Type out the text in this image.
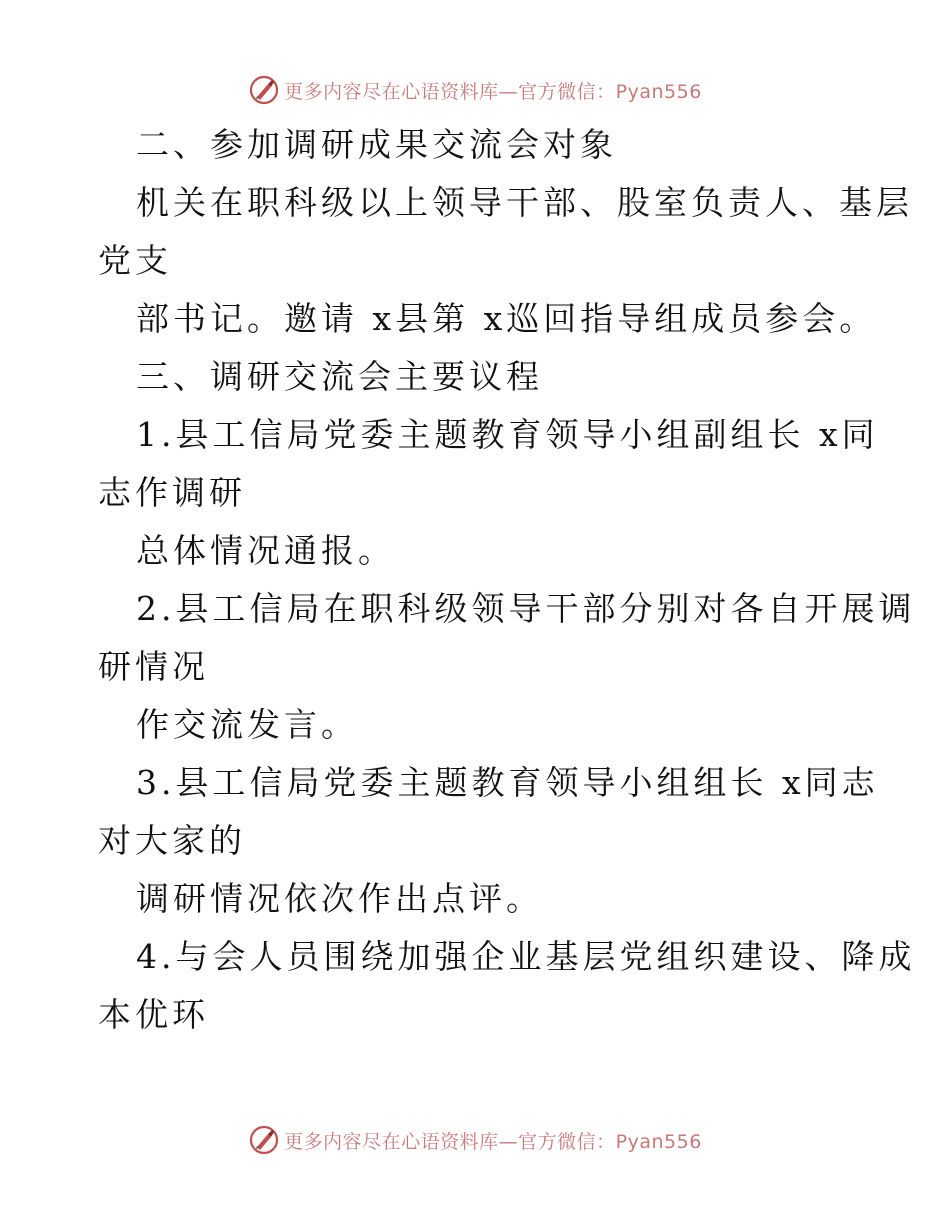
更多内容尽在心语资料库—官方微信：Pyan556
二、参加调研成果交流会对象
机关在职科级以上领导干部、股室负责人、基层
党支
部书记。邀请 x县第 x巡回指导组成员参会。
三、调研交流会主要议程
1.县工信局党委主题教育领导小组副组长 x同
志作调研
总体情况通报。
2.县工信局在职科级领导干部分别对各自开展调
研情况
作交流发言。
3.县工信局党委主题教育领导小组组长 x同志
对大家的
调研情况依次作出点评。
4.与会人员围绕加强企业基层党组织建设、降成
本优环
更多内容尽在心语资料库—官方微信：Pyan556
